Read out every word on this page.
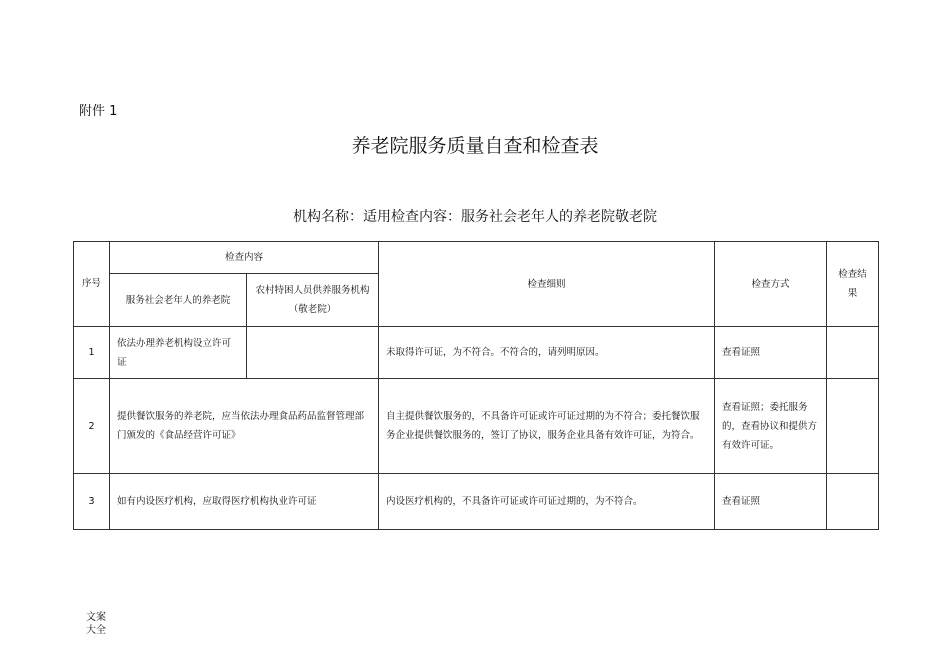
附件 1
养老院服务质量自查和检查表
机构名称：适用检查内容：服务社会老年人的养老院敬老院
序号	检查内容		检查细则	检查方式	检查结果
	服务社会老年人的养老院	农村特困人员供养服务机构（敬老院）			
1	依法办理养老机构设立许可证		未取得许可证，为不符合。不符合的，请列明原因。	查看证照	
2	提供餐饮服务的养老院，应当依法办理食品药品监督管理部门颁发的《食品经营许可证》		自主提供餐饮服务的，不具备许可证或许可证过期的为不符合；委托餐饮服务企业提供餐饮服务的，签订了协议，服务企业具备有效许可证，为符合。	查看证照；委托服务的，查看协议和提供方有效许可证。	
3	如有内设医疗机构，应取得医疗机构执业许可证		内设医疗机构的，不具备许可证或许可证过期的，为不符合。	查看证照	
文案大全
